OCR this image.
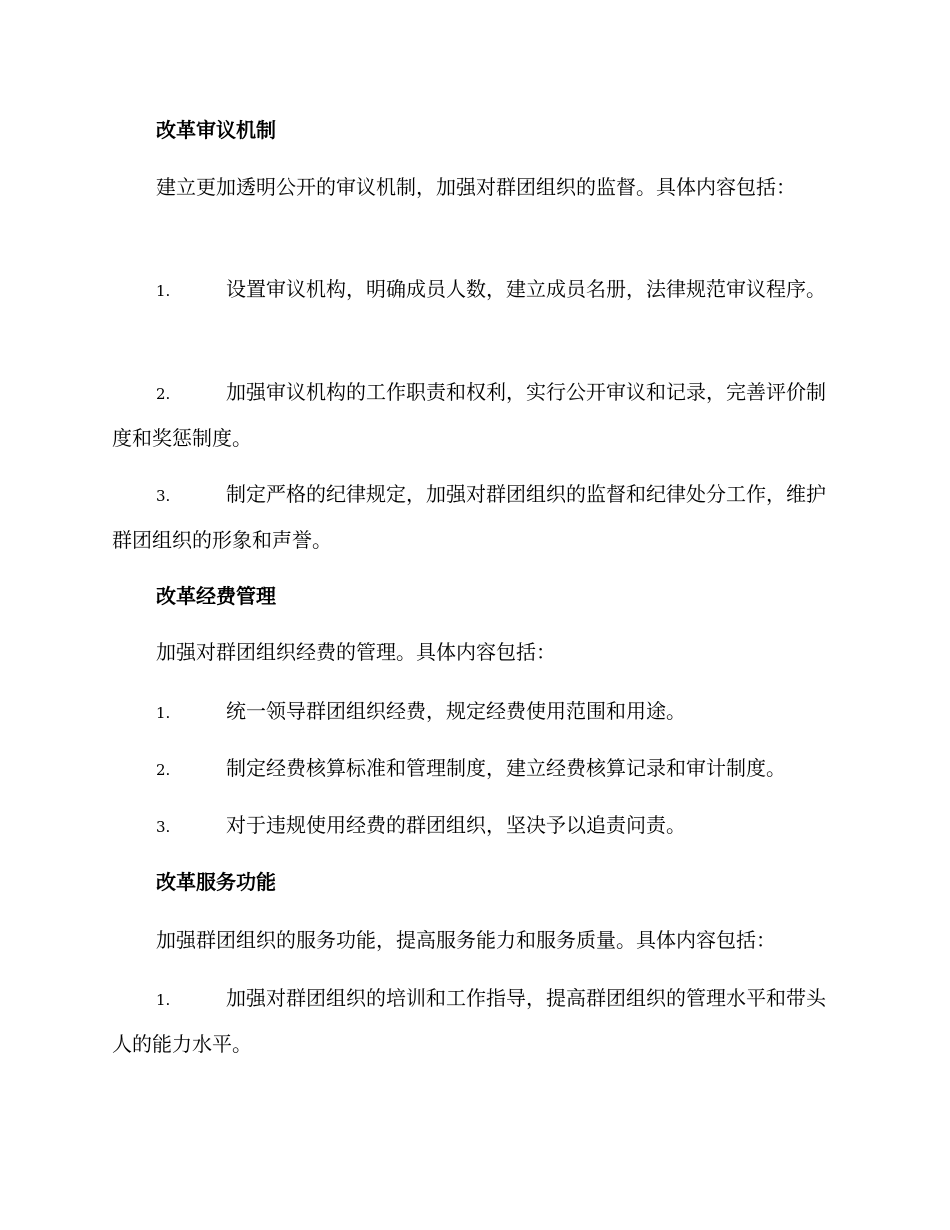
改革审议机制

建立更加透明公开的审议机制，加强对群团组织的监督。具体内容包括：

1.	设置审议机构，明确成员人数，建立成员名册，法律规范审议程序。

2.	加强审议机构的工作职责和权利，实行公开审议和记录，完善评价制度和奖惩制度。

3.	制定严格的纪律规定，加强对群团组织的监督和纪律处分工作，维护群团组织的形象和声誉。

改革经费管理

加强对群团组织经费的管理。具体内容包括：

1.	统一领导群团组织经费，规定经费使用范围和用途。

2.	制定经费核算标准和管理制度，建立经费核算记录和审计制度。

3.	对于违规使用经费的群团组织，坚决予以追责问责。

改革服务功能

加强群团组织的服务功能，提高服务能力和服务质量。具体内容包括：

1.	加强对群团组织的培训和工作指导，提高群团组织的管理水平和带头人的能力水平。
